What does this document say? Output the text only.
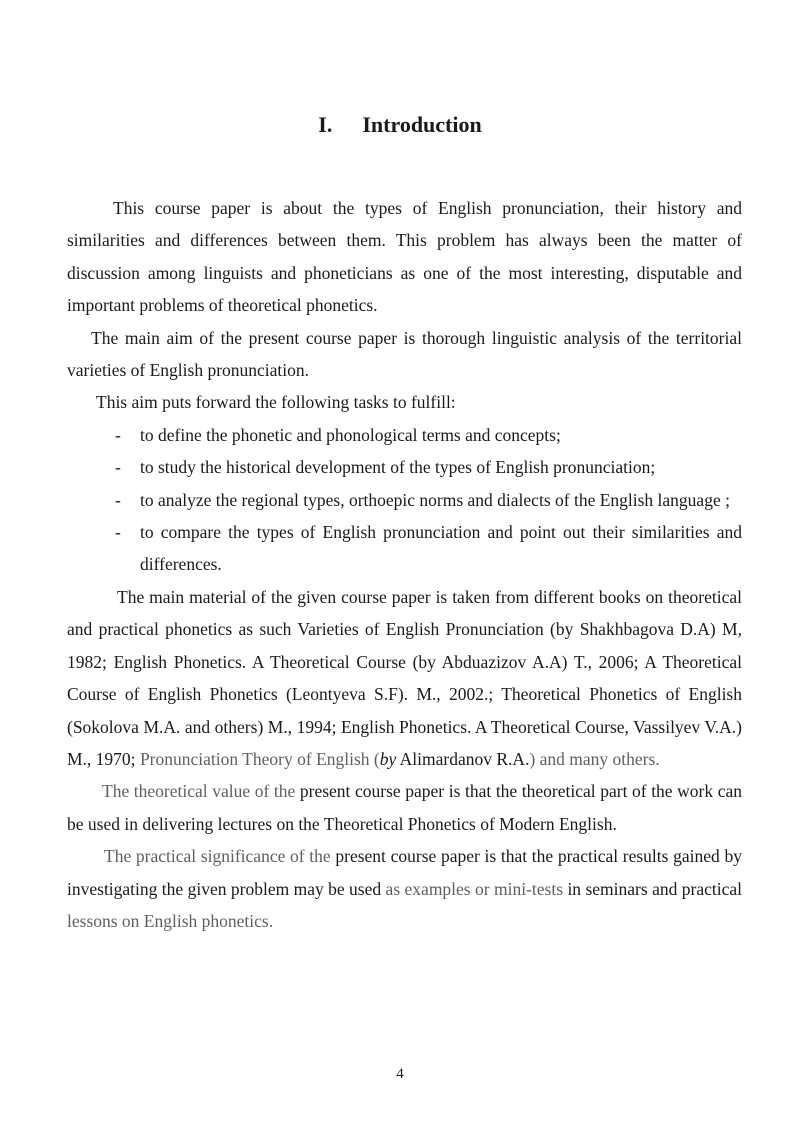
I. Introduction

This course paper is about the types of English pronunciation, their history and similarities and differences between them. This problem has always been the matter of discussion among linguists and phoneticians as one of the most interesting, disputable and important problems of theoretical phonetics.

The main aim of the present course paper is thorough linguistic analysis of the territorial varieties of English pronunciation.

This aim puts forward the following tasks to fulfill:

- to define the phonetic and phonological terms and concepts;
- to study the historical development of the types of English pronunciation;
- to analyze the regional types, orthoepic norms and dialects of the English language ;
- to compare the types of English pronunciation and point out their similarities and differences.

The main material of the given course paper is taken from different books on theoretical and practical phonetics as such Varieties of English Pronunciation (by Shakhbagova D.A) M, 1982; English Phonetics. A Theoretical Course (by Abduazizov A.A) T., 2006; A Theoretical Course of English Phonetics (Leontyeva S.F). M., 2002.; Theoretical Phonetics of English (Sokolova M.A. and others) M., 1994; English Phonetics. A Theoretical Course, Vassilyev V.A.) M., 1970; Pronunciation Theory of English (by Alimardanov R.A.) and many others.

The theoretical value of the present course paper is that the theoretical part of the work can be used in delivering lectures on the Theoretical Phonetics of Modern English.

The practical significance of the present course paper is that the practical results gained by investigating the given problem may be used as examples or mini-tests in seminars and practical lessons on English phonetics.

4
